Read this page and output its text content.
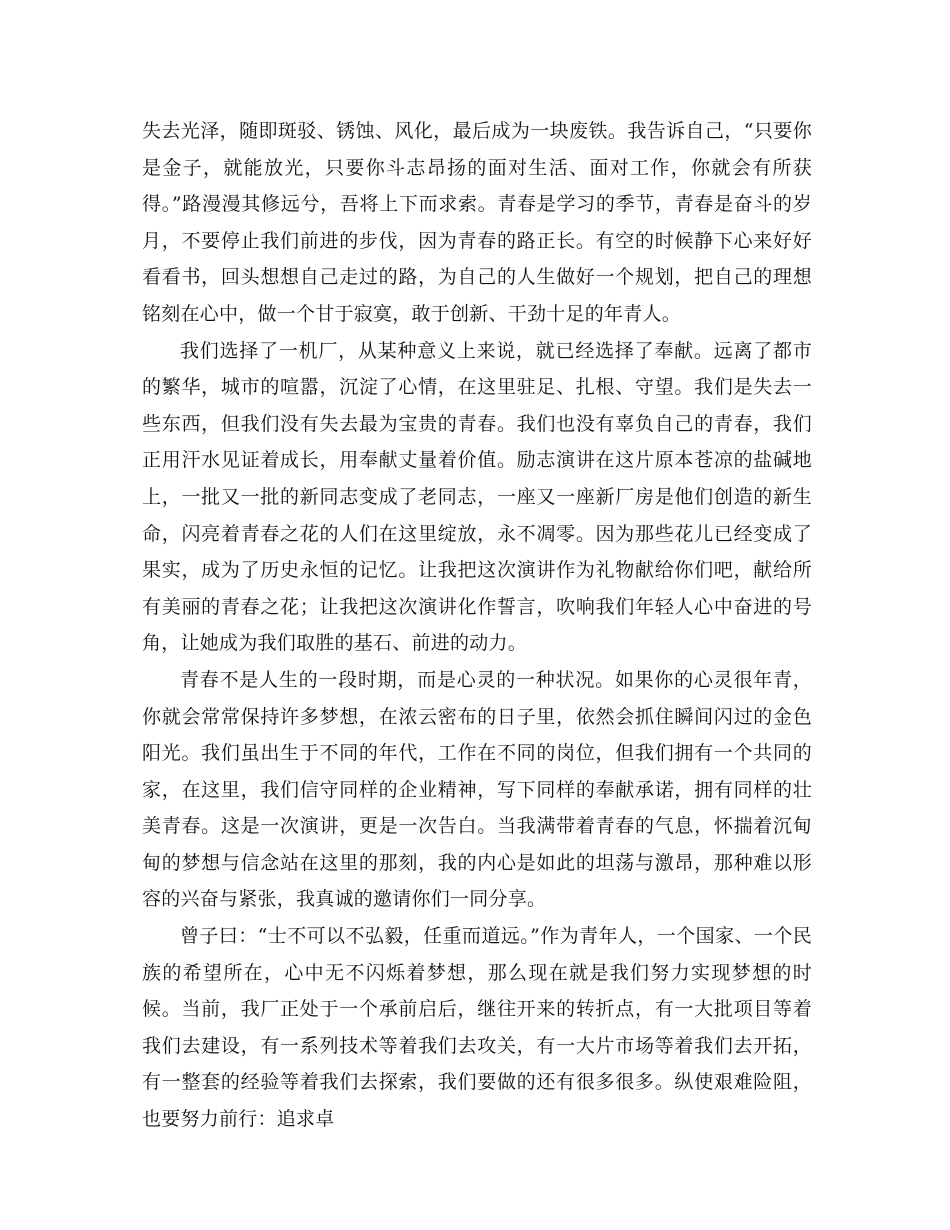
失去光泽，随即斑驳、锈蚀、风化，最后成为一块废铁。我告诉自己，“只要你是金子，就能放光，只要你斗志昂扬的面对生活、面对工作，你就会有所获得。”路漫漫其修远兮，吾将上下而求索。青春是学习的季节，青春是奋斗的岁月，不要停止我们前进的步伐，因为青春的路正长。有空的时候静下心来好好看看书，回头想想自己走过的路，为自己的人生做好一个规划，把自己的理想铭刻在心中，做一个甘于寂寞，敢于创新、干劲十足的年青人。

我们选择了一机厂，从某种意义上来说，就已经选择了奉献。远离了都市的繁华，城市的喧嚣，沉淀了心情，在这里驻足、扎根、守望。我们是失去一些东西，但我们没有失去最为宝贵的青春。我们也没有辜负自己的青春，我们正用汗水见证着成长，用奉献丈量着价值。励志演讲在这片原本苍凉的盐碱地上，一批又一批的新同志变成了老同志，一座又一座新厂房是他们创造的新生命，闪亮着青春之花的人们在这里绽放，永不凋零。因为那些花儿已经变成了果实，成为了历史永恒的记忆。让我把这次演讲作为礼物献给你们吧，献给所有美丽的青春之花；让我把这次演讲化作誓言，吹响我们年轻人心中奋进的号角，让她成为我们取胜的基石、前进的动力。

青春不是人生的一段时期，而是心灵的一种状况。如果你的心灵很年青，你就会常常保持许多梦想，在浓云密布的日子里，依然会抓住瞬间闪过的金色阳光。我们虽出生于不同的年代，工作在不同的岗位，但我们拥有一个共同的家，在这里，我们信守同样的企业精神，写下同样的奉献承诺，拥有同样的壮美青春。这是一次演讲，更是一次告白。当我满带着青春的气息，怀揣着沉甸甸的梦想与信念站在这里的那刻，我的内心是如此的坦荡与激昂，那种难以形容的兴奋与紧张，我真诚的邀请你们一同分享。

曾子曰：“士不可以不弘毅，任重而道远。”作为青年人，一个国家、一个民族的希望所在，心中无不闪烁着梦想，那么现在就是我们努力实现梦想的时候。当前，我厂正处于一个承前启后，继往开来的转折点，有一大批项目等着我们去建设，有一系列技术等着我们去攻关，有一大片市场等着我们去开拓，有一整套的经验等着我们去探索，我们要做的还有很多很多。纵使艰难险阻，也要努力前行：追求卓
